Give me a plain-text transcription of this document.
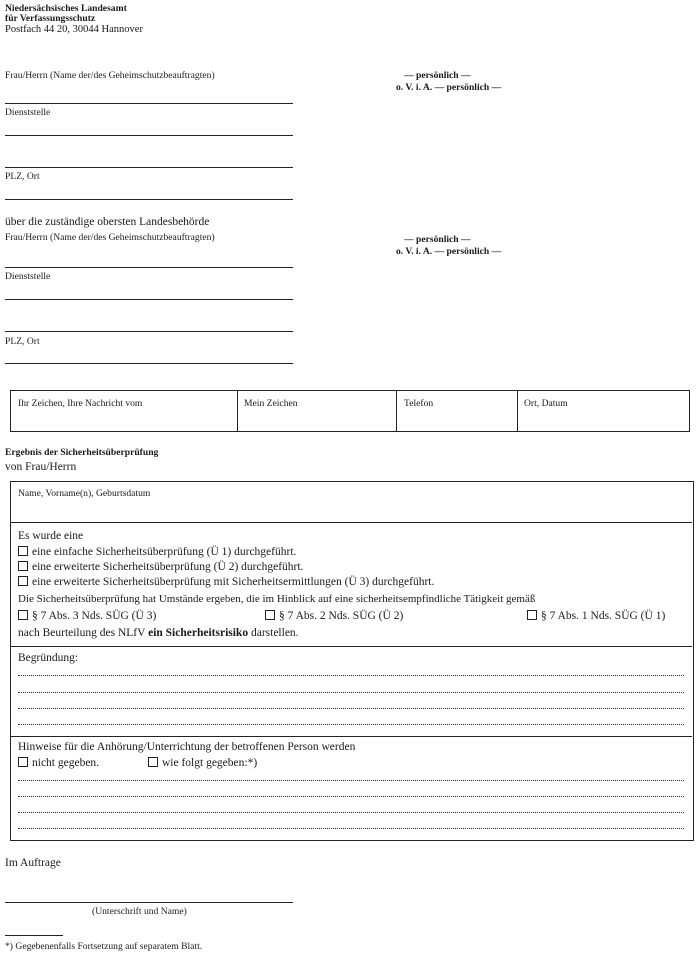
Niedersächsisches Landesamt
für Verfassungsschutz
Postfach 44 20, 30044 Hannover
Frau/Herrn (Name der/des Geheimschutzbeauftragten)	— persönlich —
o. V. i. A. — persönlich —
Dienststelle
PLZ, Ort
über die zuständige obersten Landesbehörde
Frau/Herrn (Name der/des Geheimschutzbeauftragten)	— persönlich —
o. V. i. A. — persönlich —
Dienststelle
PLZ, Ort
Ihr Zeichen, Ihre Nachricht vom	Mein Zeichen	Telefon	Ort, Datum
Ergebnis der Sicherheitsüberprüfung
von Frau/Herrn
Name, Vorname(n), Geburtsdatum
Es wurde eine
eine einfache Sicherheitsüberprüfung (Ü 1) durchgeführt.
eine erweiterte Sicherheitsüberprüfung (Ü 2) durchgeführt.
eine erweiterte Sicherheitsüberprüfung mit Sicherheitsermittlungen (Ü 3) durchgeführt.
Die Sicherheitsüberprüfung hat Umstände ergeben, die im Hinblick auf eine sicherheitsempfindliche Tätigkeit gemäß
§ 7 Abs. 3 Nds. SÜG (Ü 3)	§ 7 Abs. 2 Nds. SÜG (Ü 2)	§ 7 Abs. 1 Nds. SÜG (Ü 1)
nach Beurteilung des NLfV ein Sicherheitsrisiko darstellen.
Begründung:
Hinweise für die Anhörung/Unterrichtung der betroffenen Person werden
nicht gegeben.	wie folgt gegeben:*)
Im Auftrage
(Unterschrift und Name)
*) Gegebenenfalls Fortsetzung auf separatem Blatt.
